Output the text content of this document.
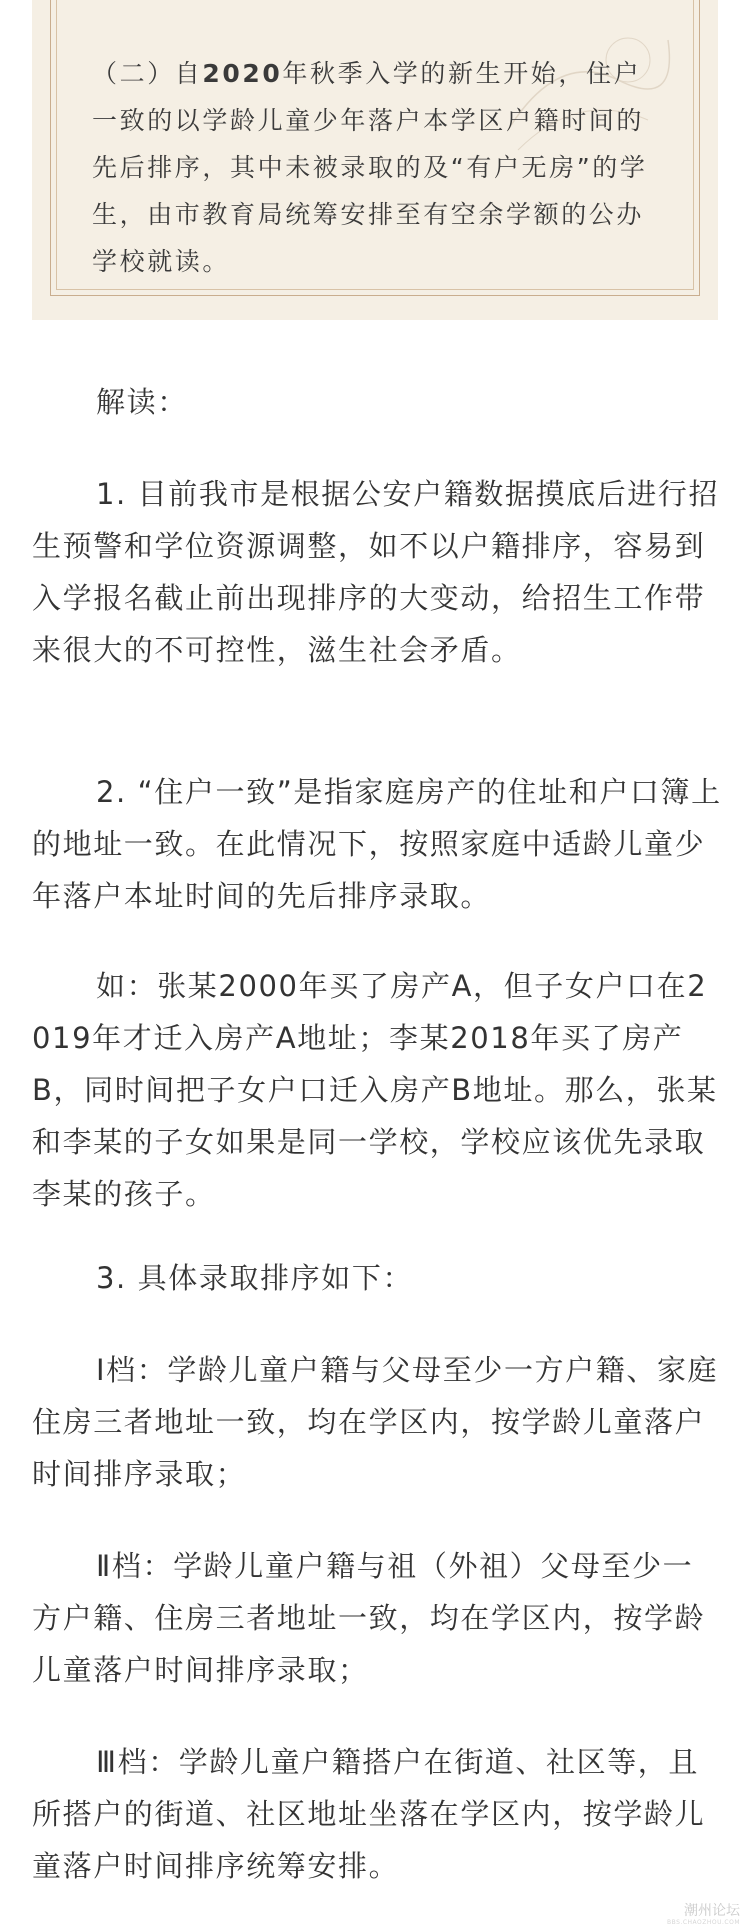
（二）自2020年秋季入学的新生开始，住户一致的以学龄儿童少年落户本学区户籍时间的先后排序，其中未被录取的及“有户无房”的学生，由市教育局统筹安排至有空余学额的公办学校就读。

解读：

1. 目前我市是根据公安户籍数据摸底后进行招生预警和学位资源调整，如不以户籍排序，容易到入学报名截止前出现排序的大变动，给招生工作带来很大的不可控性，滋生社会矛盾。

2. “住户一致”是指家庭房产的住址和户口簿上的地址一致。在此情况下，按照家庭中适龄儿童少年落户本址时间的先后排序录取。

如：张某2000年买了房产A，但子女户口在2019年才迁入房产A地址；李某2018年买了房产B，同时间把子女户口迁入房产B地址。那么，张某和李某的子女如果是同一学校，学校应该优先录取李某的孩子。

3. 具体录取排序如下：

Ⅰ档：学龄儿童户籍与父母至少一方户籍、家庭住房三者地址一致，均在学区内，按学龄儿童落户时间排序录取；

Ⅱ档：学龄儿童户籍与祖（外祖）父母至少一方户籍、住房三者地址一致，均在学区内，按学龄儿童落户时间排序录取；

Ⅲ档：学龄儿童户籍搭户在街道、社区等，且所搭户的街道、社区地址坐落在学区内，按学龄儿童落户时间排序统筹安排。

潮州论坛
BBS.CHAOZHOU.COM
